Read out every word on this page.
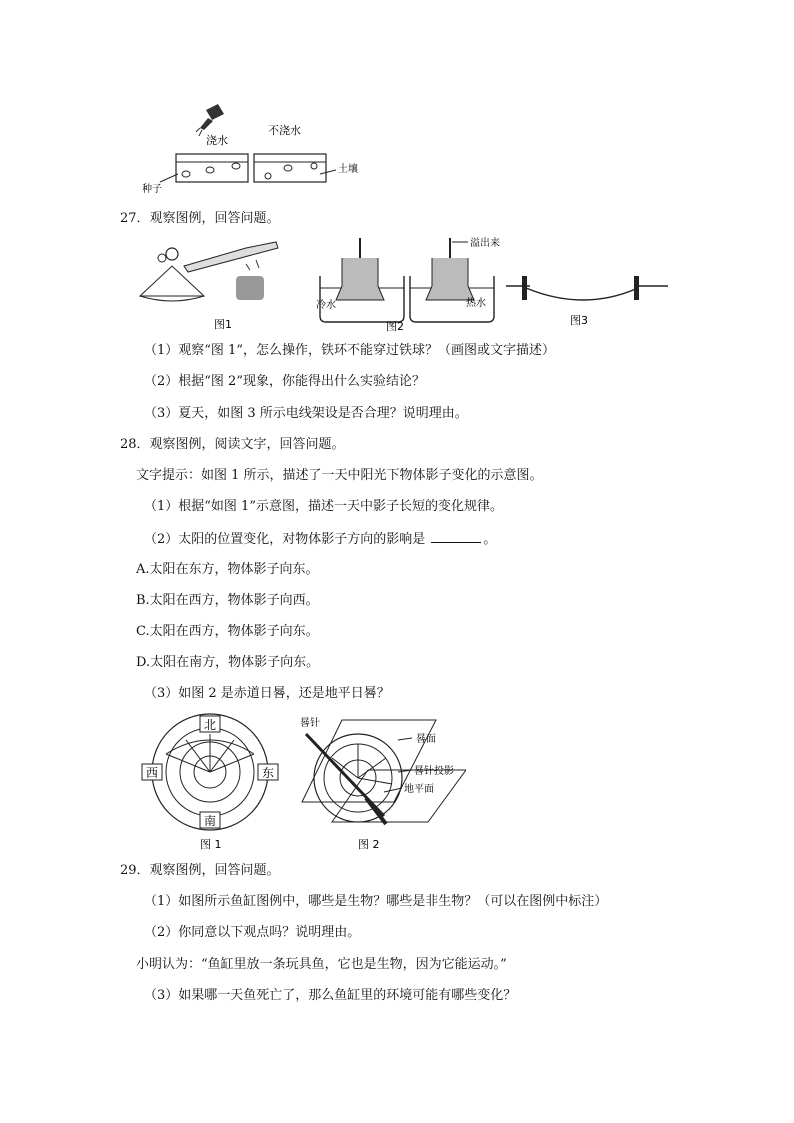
浇水
不浇水
土壤
种子
27．观察图例，回答问题。
图1
冷水
图2
溢出来
热水
图3
（1）观察“图 1”，怎么操作，铁环不能穿过铁球？（画图或文字描述）
（2）根据“图 2”现象，你能得出什么实验结论？
（3）夏天，如图 3 所示电线架设是否合理？说明理由。
28．观察图例，阅读文字，回答问题。
文字提示：如图 1 所示，描述了一天中阳光下物体影子变化的示意图。
（1）根据“如图 1”示意图，描述一天中影子长短的变化规律。
（2）太阳的位置变化，对物体影子方向的影响是	。
A.太阳在东方，物体影子向东。
B.太阳在西方，物体影子向西。
C.太阳在西方，物体影子向东。
D.太阳在南方，物体影子向东。
（3）如图 2 是赤道日晷，还是地平日晷？
北
南
西	东
图 1
晷针
晷面
晷针投影
地平面
图 2
29．观察图例，回答问题。
（1）如图所示鱼缸图例中，哪些是生物？哪些是非生物？（可以在图例中标注）
（2）你同意以下观点吗？说明理由。
小明认为：“鱼缸里放一条玩具鱼，它也是生物，因为它能运动。”
（3）如果哪一天鱼死亡了，那么鱼缸里的环境可能有哪些变化？
